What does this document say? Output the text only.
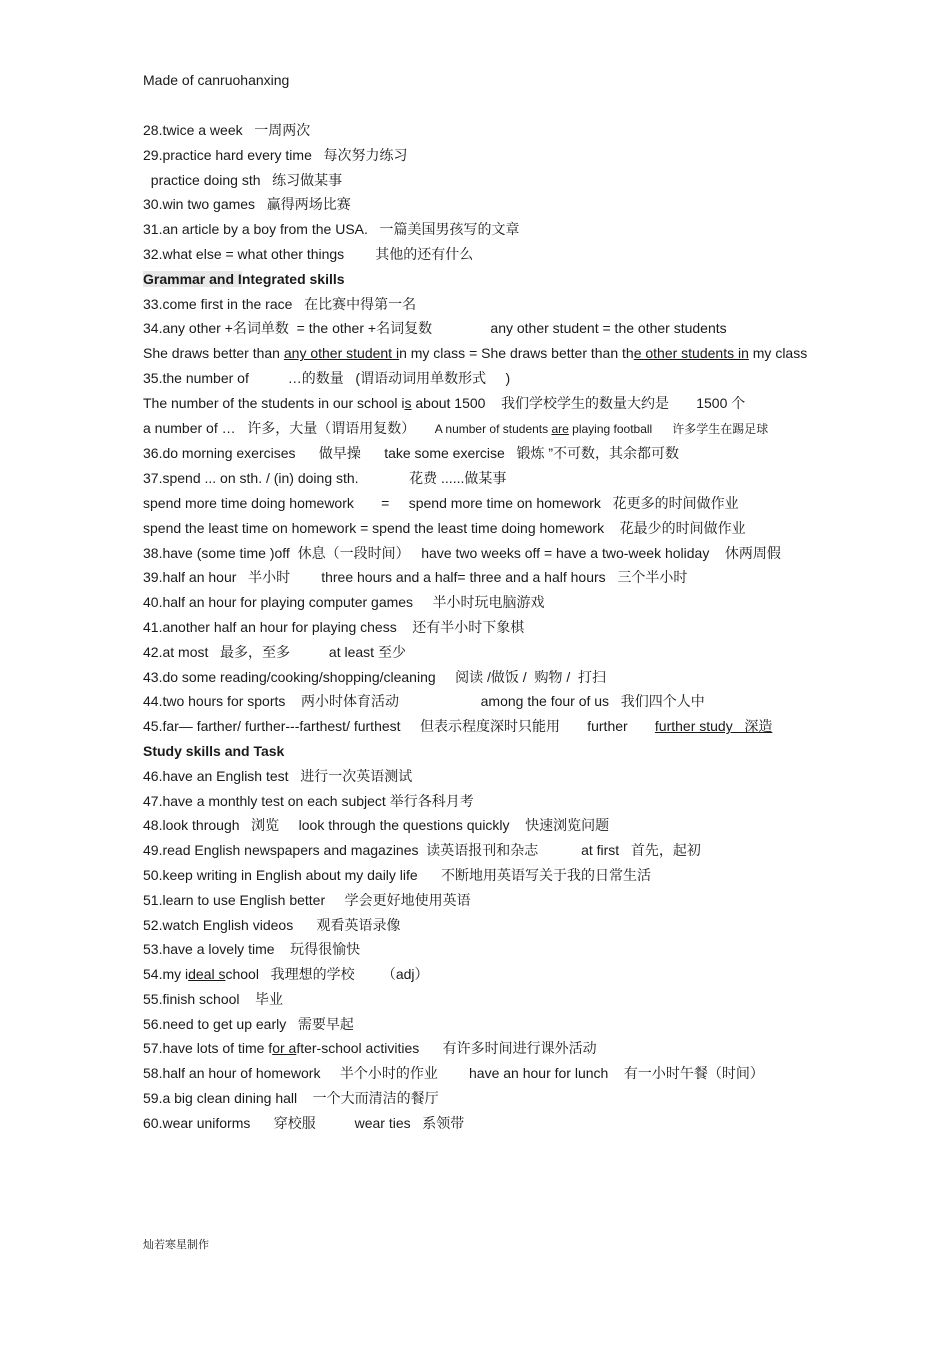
Made of canruohanxing
28.twice a week   一周两次
29.practice hard every time   每次努力练习
practice doing sth   练习做某事
30.win two games   赢得两场比赛
31.an article by a boy from the USA.   一篇美国男孩写的文章
32.what else = what other things        其他的还有什么
Grammar and Integrated skills
33.come first in the race   在比赛中得第一名
34.any other +名词单数  = the other +名词复数               any other student = the other students
She draws better than any other student in my class = She draws better than the other students in my class
35.the number of          …的数量   (谓语动词用单数形式     )
The number of the students in our school is about 1500    我们学校学生的数量大约是       1500 个
a number of …   许多，大量（谓语用复数）     A number of students are playing football      许多学生在踢足球
36.do morning exercises      做早操      take some exercise   锻炼 ”不可数，其余都可数
37.spend ... on sth. / (in) doing sth.             花费 ......做某事
spend more time doing homework       =     spend more time on homework   花更多的时间做作业
spend the least time on homework = spend the least time doing homework    花最少的时间做作业
38.have (some time )off  休息（一段时间）   have two weeks off = have a two-week holiday    休两周假
39.half an hour   半小时        three hours and a half= three and a half hours   三个半小时
40.half an hour for playing computer games     半小时玩电脑游戏
41.another half an hour for playing chess    还有半小时下象棋
42.at most   最多，至多          at least 至少
43.do some reading/cooking/shopping/cleaning     阅读 /做饭 /  购物 /  打扫
44.two hours for sports    两小时体育活动                     among the four of us   我们四个人中
45.far— farther/ further---farthest/ furthest     但表示程度深时只能用       further       further study   深造
Study skills and Task
46.have an English test   进行一次英语测试
47.have a monthly test on each subject 举行各科月考
48.look through   浏览     look through the questions quickly    快速浏览问题
49.read English newspapers and magazines  读英语报刊和杂志           at first   首先，起初
50.keep writing in English about my daily life      不断地用英语写关于我的日常生活
51.learn to use English better     学会更好地使用英语
52.watch English videos      观看英语录像
53.have a lovely time    玩得很愉快
54.my ideal school   我理想的学校       （adj）
55.finish school    毕业
56.need to get up early   需要早起
57.have lots of time for after-school activities      有许多时间进行课外活动
58.half an hour of homework     半个小时的作业        have an hour for lunch    有一小时午餐（时间）
59.a big clean dining hall    一个大而清洁的餐厅
60.wear uniforms      穿校服          wear ties   系领带
灿若寒星制作
